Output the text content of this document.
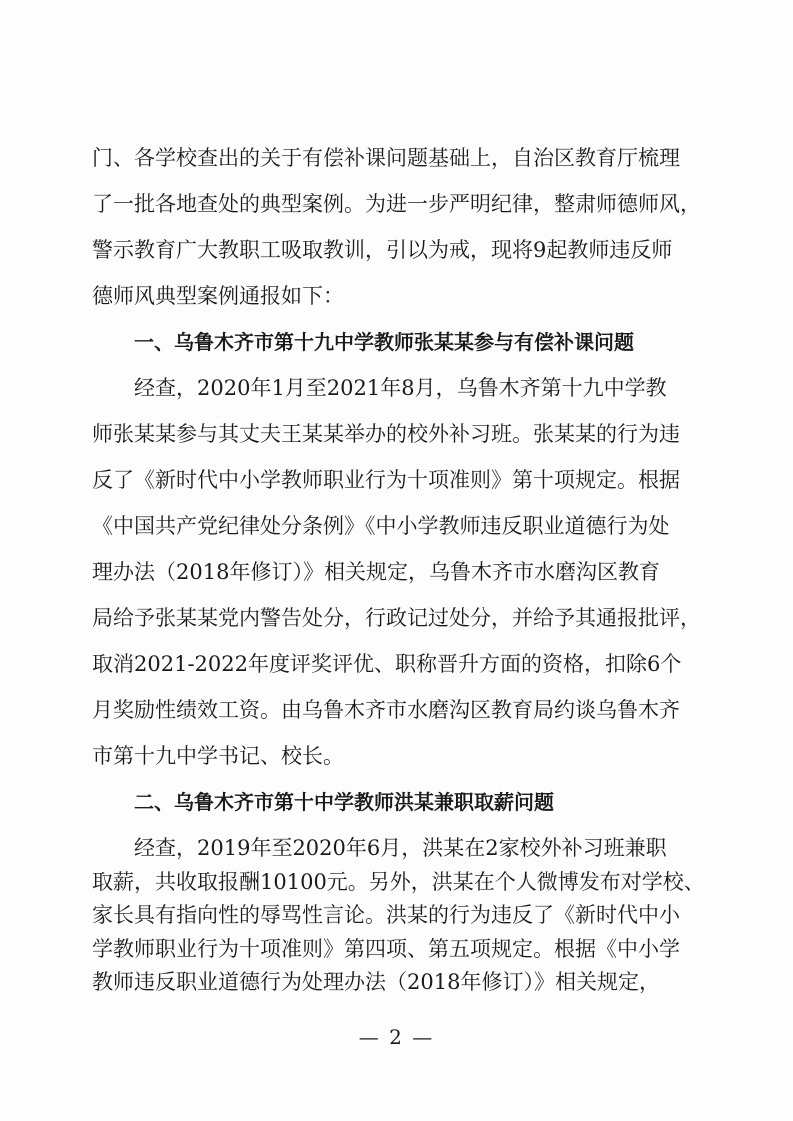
门、各学校查出的关于有偿补课问题基础上，自治区教育厅梳理
了一批各地查处的典型案例。为进一步严明纪律，整肃师德师风，
警示教育广大教职工吸取教训，引以为戒，现将9起教师违反师
德师风典型案例通报如下：
一、乌鲁木齐市第十九中学教师张某某参与有偿补课问题
经查，2020年1月至2021年8月，乌鲁木齐第十九中学教
师张某某参与其丈夫王某某举办的校外补习班。张某某的行为违
反了《新时代中小学教师职业行为十项准则》第十项规定。根据
《中国共产党纪律处分条例》《中小学教师违反职业道德行为处
理办法（2018年修订）》相关规定，乌鲁木齐市水磨沟区教育
局给予张某某党内警告处分，行政记过处分，并给予其通报批评，
取消2021-2022年度评奖评优、职称晋升方面的资格，扣除6个
月奖励性绩效工资。由乌鲁木齐市水磨沟区教育局约谈乌鲁木齐
市第十九中学书记、校长。
二、乌鲁木齐市第十中学教师洪某兼职取薪问题
经查，2019年至2020年6月，洪某在2家校外补习班兼职
取薪，共收取报酬10100元。另外，洪某在个人微博发布对学校、
家长具有指向性的辱骂性言论。洪某的行为违反了《新时代中小
学教师职业行为十项准则》第四项、第五项规定。根据《中小学
教师违反职业道德行为处理办法（2018年修订）》相关规定，
— 2 —
